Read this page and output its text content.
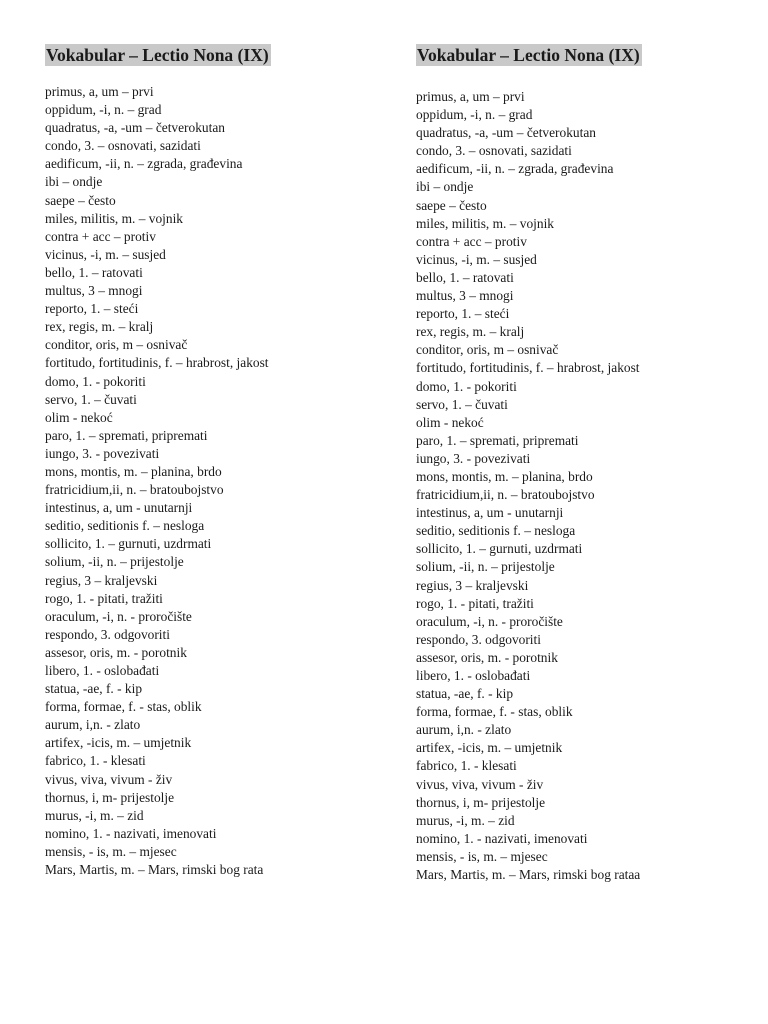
Vokabular – Lectio Nona (IX)
primus, a, um – prvi
oppidum, -i, n. – grad
quadratus, -a, -um – četverokutan
condo, 3. – osnovati, sazidati
aedificum, -ii, n. – zgrada, građevina
ibi – ondje
saepe – često
miles, militis, m. – vojnik
contra + acc – protiv
vicinus, -i, m. – susjed
bello, 1. – ratovati
multus, 3 – mnogi
reporto, 1. – steći
rex, regis, m. – kralj
conditor, oris, m – osnivač
fortitudo, fortitudinis, f. – hrabrost, jakost
domo, 1. - pokoriti
servo, 1. – čuvati
olim - nekoć
paro, 1. – spremati, pripremati
iungo, 3. - povezivati
mons, montis, m. – planina, brdo
fratricidium,ii, n. – bratoubojstvo
intestinus, a, um - unutarnji
seditio, seditionis f. – nesloga
sollicito, 1. – gurnuti, uzdrmati
solium, -ii, n. – prijestolje
regius, 3 – kraljevski
rogo, 1. - pitati, tražiti
oraculum, -i, n. - proročište
respondo, 3. odgovoriti
assesor, oris, m. - porotnik
libero, 1. - oslobađati
statua, -ae, f. - kip
forma, formae, f. - stas, oblik
aurum, i,n. - zlato
artifex, -icis, m. – umjetnik
fabrico, 1. - klesati
vivus, viva, vivum - živ
thornus, i, m- prijestolje
murus, -i, m. – zid
nomino, 1. - nazivati, imenovati
mensis, - is, m. – mjesec
Mars, Martis, m. – Mars, rimski bog rata
Vokabular – Lectio Nona (IX)
primus, a, um – prvi
oppidum, -i, n. – grad
quadratus, -a, -um – četverokutan
condo, 3. – osnovati, sazidati
aedificum, -ii, n. – zgrada, građevina
ibi – ondje
saepe – često
miles, militis, m. – vojnik
contra + acc – protiv
vicinus, -i, m. – susjed
bello, 1. – ratovati
multus, 3 – mnogi
reporto, 1. – steći
rex, regis, m. – kralj
conditor, oris, m – osnivač
fortitudo, fortitudinis, f. – hrabrost, jakost
domo, 1. - pokoriti
servo, 1. – čuvati
olim - nekoć
paro, 1. – spremati, pripremati
iungo, 3. - povezivati
mons, montis, m. – planina, brdo
fratricidium,ii, n. – bratoubojstvo
intestinus, a, um - unutarnji
seditio, seditionis f. – nesloga
sollicito, 1. – gurnuti, uzdrmati
solium, -ii, n. – prijestolje
regius, 3 – kraljevski
rogo, 1. - pitati, tražiti
oraculum, -i, n. - proročište
respondo, 3. odgovoriti
assesor, oris, m. - porotnik
libero, 1. - oslobađati
statua, -ae, f. - kip
forma, formae, f. - stas, oblik
aurum, i,n. - zlato
artifex, -icis, m. – umjetnik
fabrico, 1. - klesati
vivus, viva, vivum - živ
thornus, i, m- prijestolje
murus, -i, m. – zid
nomino, 1. - nazivati, imenovati
mensis, - is, m. – mjesec
Mars, Martis, m. – Mars, rimski bog rataa
